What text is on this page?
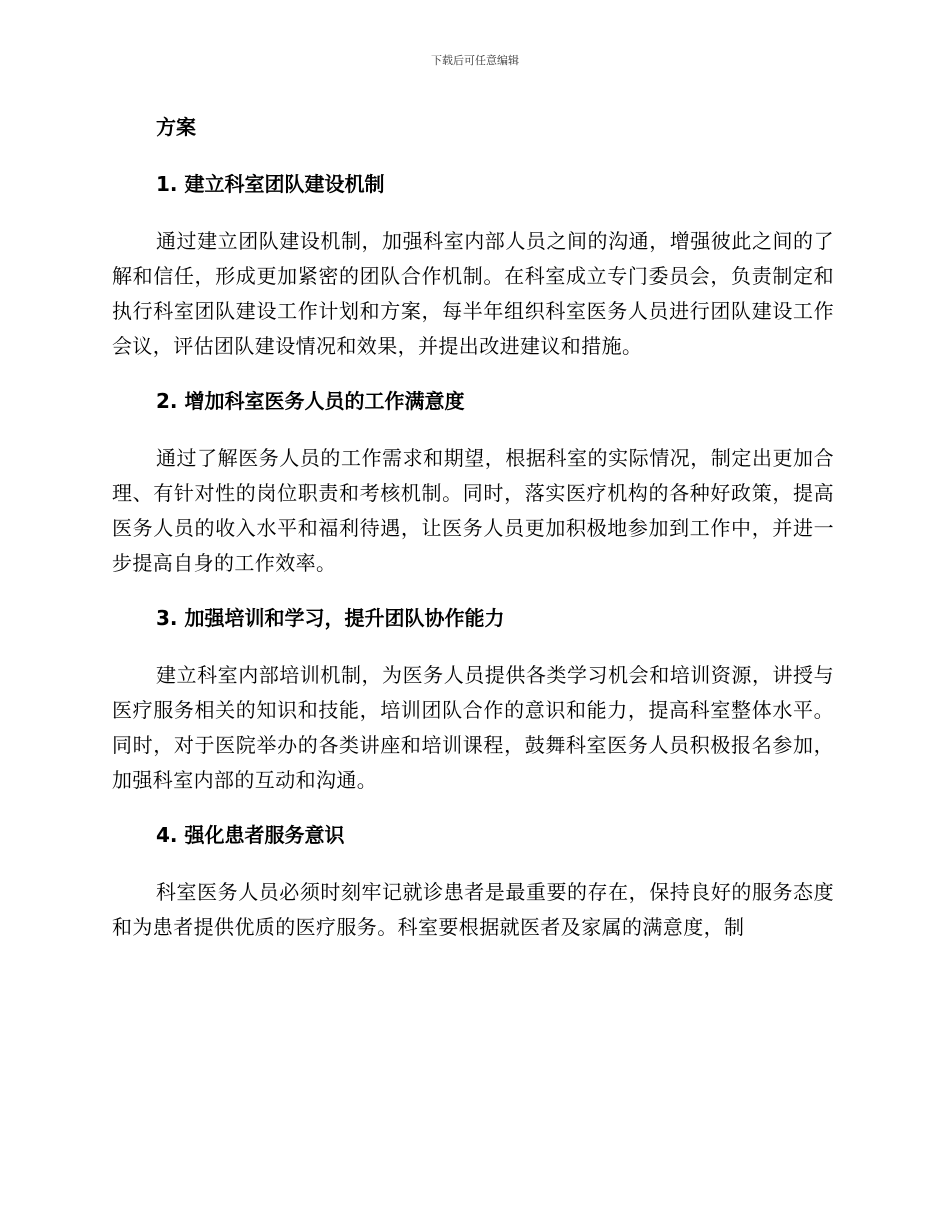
下载后可任意编辑
方案
1. 建立科室团队建设机制

通过建立团队建设机制，加强科室内部人员之间的沟通，增强彼此之间的了解和信任，形成更加紧密的团队合作机制。在科室成立专门委员会，负责制定和执行科室团队建设工作计划和方案，每半年组织科室医务人员进行团队建设工作会议，评估团队建设情况和效果，并提出改进建议和措施。

2. 增加科室医务人员的工作满意度

通过了解医务人员的工作需求和期望，根据科室的实际情况，制定出更加合理、有针对性的岗位职责和考核机制。同时，落实医疗机构的各种好政策，提高医务人员的收入水平和福利待遇，让医务人员更加积极地参加到工作中，并进一步提高自身的工作效率。

3. 加强培训和学习，提升团队协作能力

建立科室内部培训机制，为医务人员提供各类学习机会和培训资源，讲授与医疗服务相关的知识和技能，培训团队合作的意识和能力，提高科室整体水平。同时，对于医院举办的各类讲座和培训课程，鼓舞科室医务人员积极报名参加，加强科室内部的互动和沟通。

4. 强化患者服务意识

科室医务人员必须时刻牢记就诊患者是最重要的存在，保持良好的服务态度和为患者提供优质的医疗服务。科室要根据就医者及家属的满意度，制
